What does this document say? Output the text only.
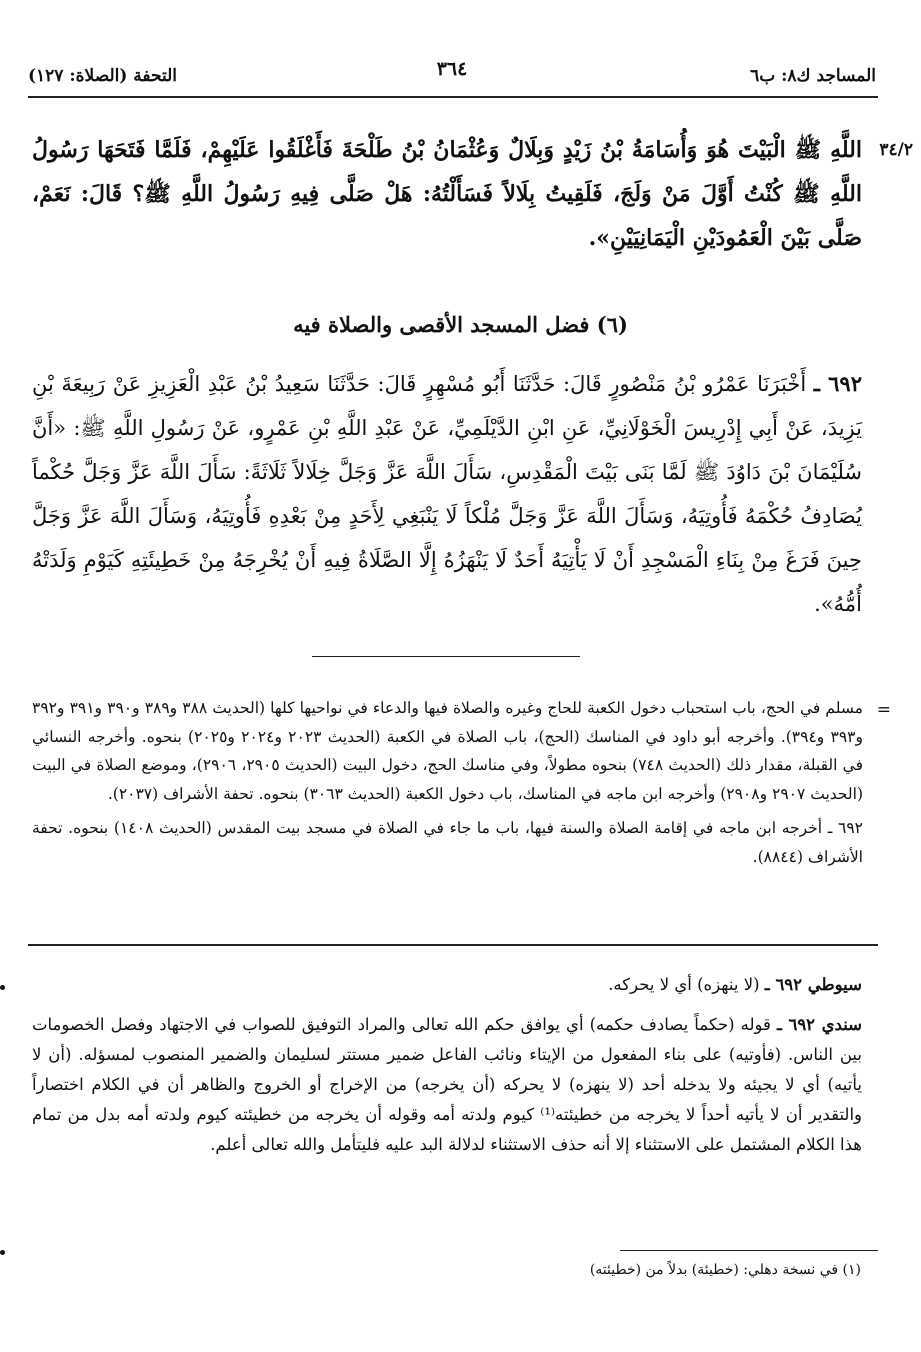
المساجد ك٨: ب٦
٣٦٤
التحفة (الصلاة: ١٢٧)
٣٤/٢
اللَّهِ ﷺ الْبَيْتَ هُوَ وَأُسَامَةُ بْنُ زَيْدٍ وَبِلَالٌ وَعُثْمَانُ بْنُ طَلْحَةَ فَأَغْلَقُوا عَلَيْهِمْ، فَلَمَّا فَتَحَهَا رَسُولُ اللَّهِ ﷺ كُنْتُ أَوَّلَ مَنْ وَلَجَ، فَلَقِيتُ بِلَالاً فَسَأَلْتُهُ: هَلْ صَلَّى فِيهِ رَسُولُ اللَّهِ ﷺ؟ قَالَ: نَعَمْ، صَلَّى بَيْنَ الْعَمُودَيْنِ الْيَمَانِيَيْنِ».
(٦) فضل المسجد الأقصى والصلاة فيه
٦٩٢ ـ أَخْبَرَنَا عَمْرُو بْنُ مَنْصُورٍ قَالَ: حَدَّثَنَا أَبُو مُسْهِرٍ قَالَ: حَدَّثَنَا سَعِيدُ بْنُ عَبْدِ الْعَزِيزِ عَنْ رَبِيعَةَ بْنِ يَزِيدَ، عَنْ أَبِي إِدْرِيسَ الْخَوْلَانِيِّ، عَنِ ابْنِ الدَّيْلَمِيِّ، عَنْ عَبْدِ اللَّهِ بْنِ عَمْرٍو، عَنْ رَسُولِ اللَّهِ ﷺ: «أَنَّ سُلَيْمَانَ بْنَ دَاوُدَ ﷺ لَمَّا بَنَى بَيْتَ الْمَقْدِسِ، سَأَلَ اللَّهَ عَزَّ وَجَلَّ خِلَالاً ثَلَاثَةً: سَأَلَ اللَّهَ عَزَّ وَجَلَّ حُكْماً يُصَادِفُ حُكْمَهُ فَأُوتِيَهُ، وَسَأَلَ اللَّهَ عَزَّ وَجَلَّ مُلْكاً لَا يَنْبَغِي لِأَحَدٍ مِنْ بَعْدِهِ فَأُوتِيَهُ، وَسَأَلَ اللَّهَ عَزَّ وَجَلَّ حِينَ فَرَغَ مِنْ بِنَاءِ الْمَسْجِدِ أَنْ لَا يَأْتِيَهُ أَحَدٌ لَا يَنْهَزُهُ إِلَّا الصَّلَاةُ فِيهِ أَنْ يُخْرِجَهُ مِنْ خَطِيئَتِهِ كَيَوْمِ وَلَدَتْهُ أُمُّهُ».
=

مسلم في الحج، باب استحباب دخول الكعبة للحاج وغيره والصلاة فيها والدعاء في نواحيها كلها (الحديث ٣٨٨ و٣٨٩ و٣٩٠ و٣٩١ و٣٩٢ و٣٩٣ و٣٩٤). وأخرجه أبو داود في المناسك (الحج)، باب الصلاة في الكعبة (الحديث ٢٠٢٣ و٢٠٢٤ و٢٠٢٥) بنحوه. وأخرجه النسائي في القبلة، مقدار ذلك (الحديث ٧٤٨) بنحوه مطولاً، وفي مناسك الحج، دخول البيت (الحديث ٢٩٠٥، ٢٩٠٦)، وموضع الصلاة في البيت (الحديث ٢٩٠٧ و٢٩٠٨) وأخرجه ابن ماجه في المناسك، باب دخول الكعبة (الحديث ٣٠٦٣) بنحوه. تحفة الأشراف (٢٠٣٧).

٦٩٢ ـ أخرجه ابن ماجه في إقامة الصلاة والسنة فيها، باب ما جاء في الصلاة في مسجد بيت المقدس (الحديث ١٤٠٨) بنحوه. تحفة الأشراف (٨٨٤٤).

سيوطي ٦٩٢ ـ (لا ينهزه) أي لا يحركه.

سندي ٦٩٢ ـ قوله (حكماً يصادف حكمه) أي يوافق حكم الله تعالى والمراد التوفيق للصواب في الاجتهاد وفصل الخصومات بين الناس. (فأوتيه) على بناء المفعول من الإيتاء ونائب الفاعل ضمير مستتر لسليمان والضمير المنصوب لمسؤله. (أن لا يأتيه) أي لا يجيئه ولا يدخله أحد (لا ينهزه) لا يحركه (أن يخرجه) من الإخراج أو الخروج والظاهر أن في الكلام اختصاراً والتقدير أن لا يأتيه أحداً لا يخرجه من خطيئته⁽¹⁾ كيوم ولدته أمه وقوله أن يخرجه من خطيئته كيوم ولدته أمه بدل من تمام هذا الكلام المشتمل على الاستثناء إلا أنه حذف الاستثناء لدلالة البد عليه فليتأمل والله تعالى أعلم.

(١) في نسخة دهلي: (خطيئة) بدلاً من (خطيئته)
